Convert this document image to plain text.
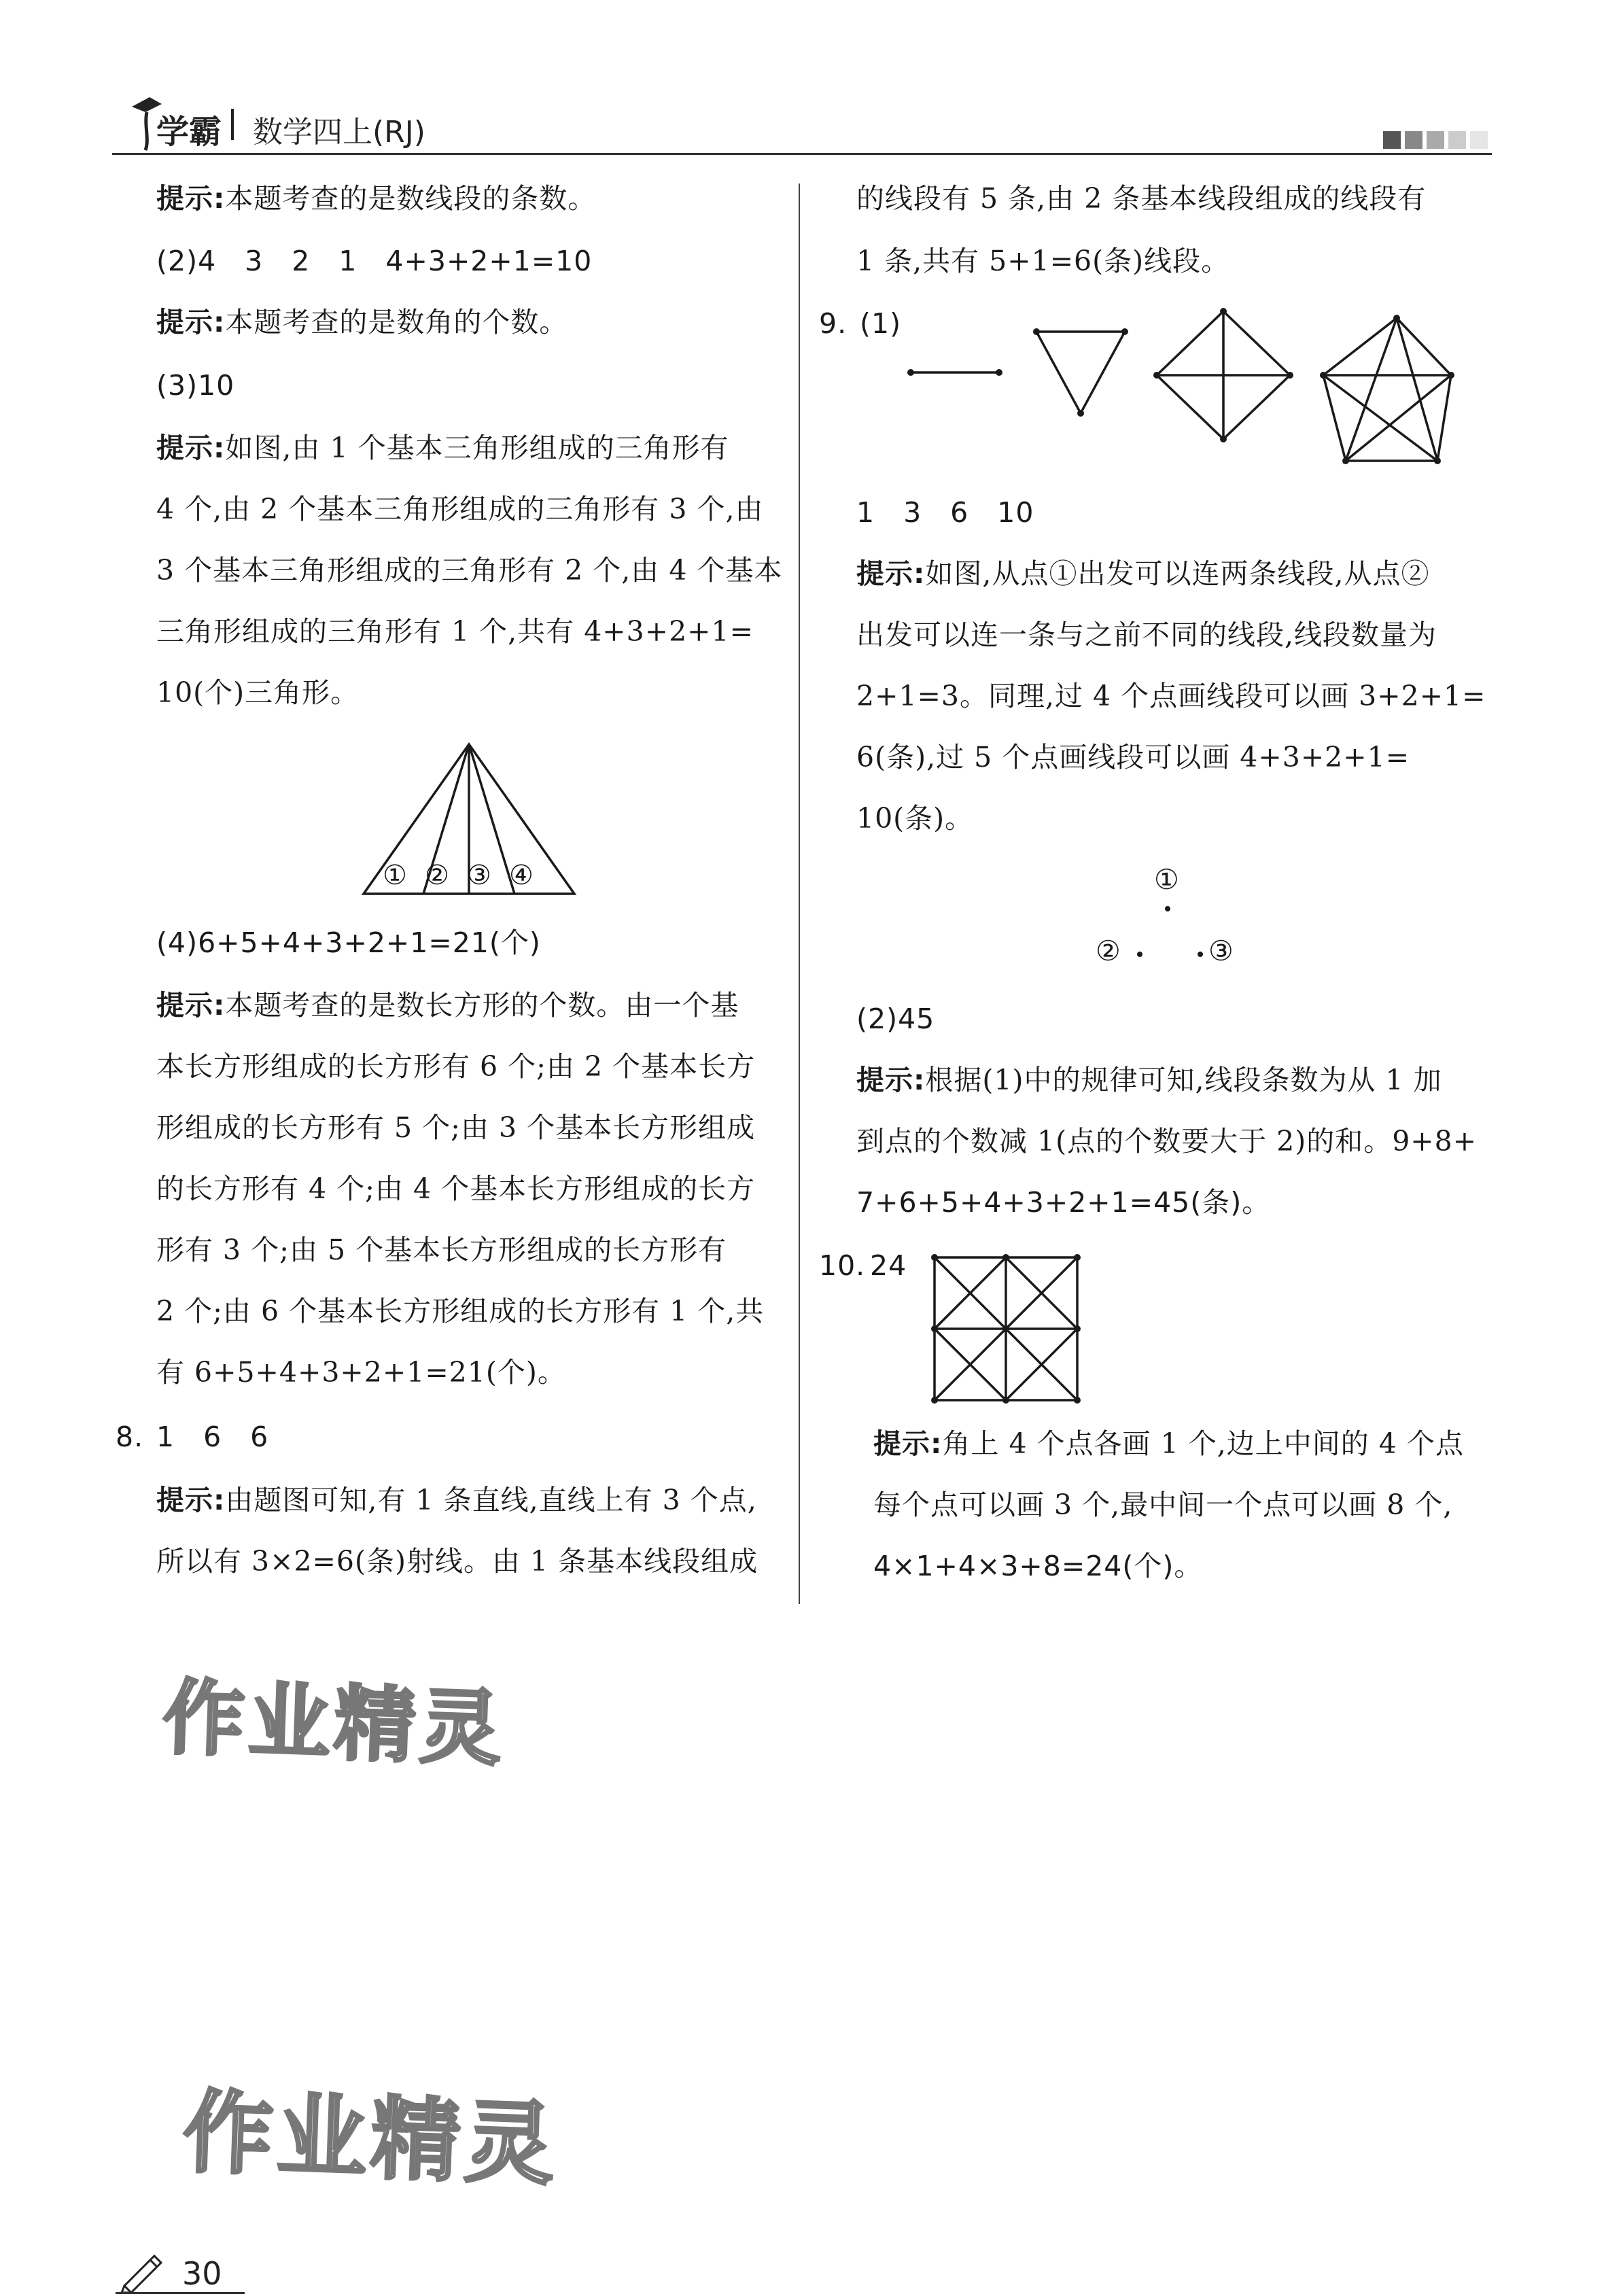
学霸 数学四上(RJ)
提示:本题考查的是数线段的条数。
(2)4　3　2　1　4+3+2+1=10
提示:本题考查的是数角的个数。
(3)10
提示:如图,由 1 个基本三角形组成的三角形有
4 个,由 2 个基本三角形组成的三角形有 3 个,由
3 个基本三角形组成的三角形有 2 个,由 4 个基本
三角形组成的三角形有 1 个,共有 4+3+2+1=
10(个)三角形。
① ② ③ ④
(4)6+5+4+3+2+1=21(个)
提示:本题考查的是数长方形的个数。由一个基
本长方形组成的长方形有 6 个;由 2 个基本长方
形组成的长方形有 5 个;由 3 个基本长方形组成
的长方形有 4 个;由 4 个基本长方形组成的长方
形有 3 个;由 5 个基本长方形组成的长方形有
2 个;由 6 个基本长方形组成的长方形有 1 个,共
有 6+5+4+3+2+1=21(个)。
8. 1　6　6
提示:由题图可知,有 1 条直线,直线上有 3 个点,
所以有 3×2=6(条)射线。由 1 条基本线段组成
的线段有 5 条,由 2 条基本线段组成的线段有
1 条,共有 5+1=6(条)线段。
9. (1)
1　3　6　10
提示:如图,从点①出发可以连两条线段,从点②
出发可以连一条与之前不同的线段,线段数量为
2+1=3。同理,过 4 个点画线段可以画 3+2+1=
6(条),过 5 个点画线段可以画 4+3+2+1=
10(条)。
①
②	③
(2)45
提示:根据(1)中的规律可知,线段条数为从 1 加
到点的个数减 1(点的个数要大于 2)的和。9+8+
7+6+5+4+3+2+1=45(条)。
10. 24
提示:角上 4 个点各画 1 个,边上中间的 4 个点
每个点可以画 3 个,最中间一个点可以画 8 个,
4×1+4×3+8=24(个)。
作业精灵
作业精灵
30
